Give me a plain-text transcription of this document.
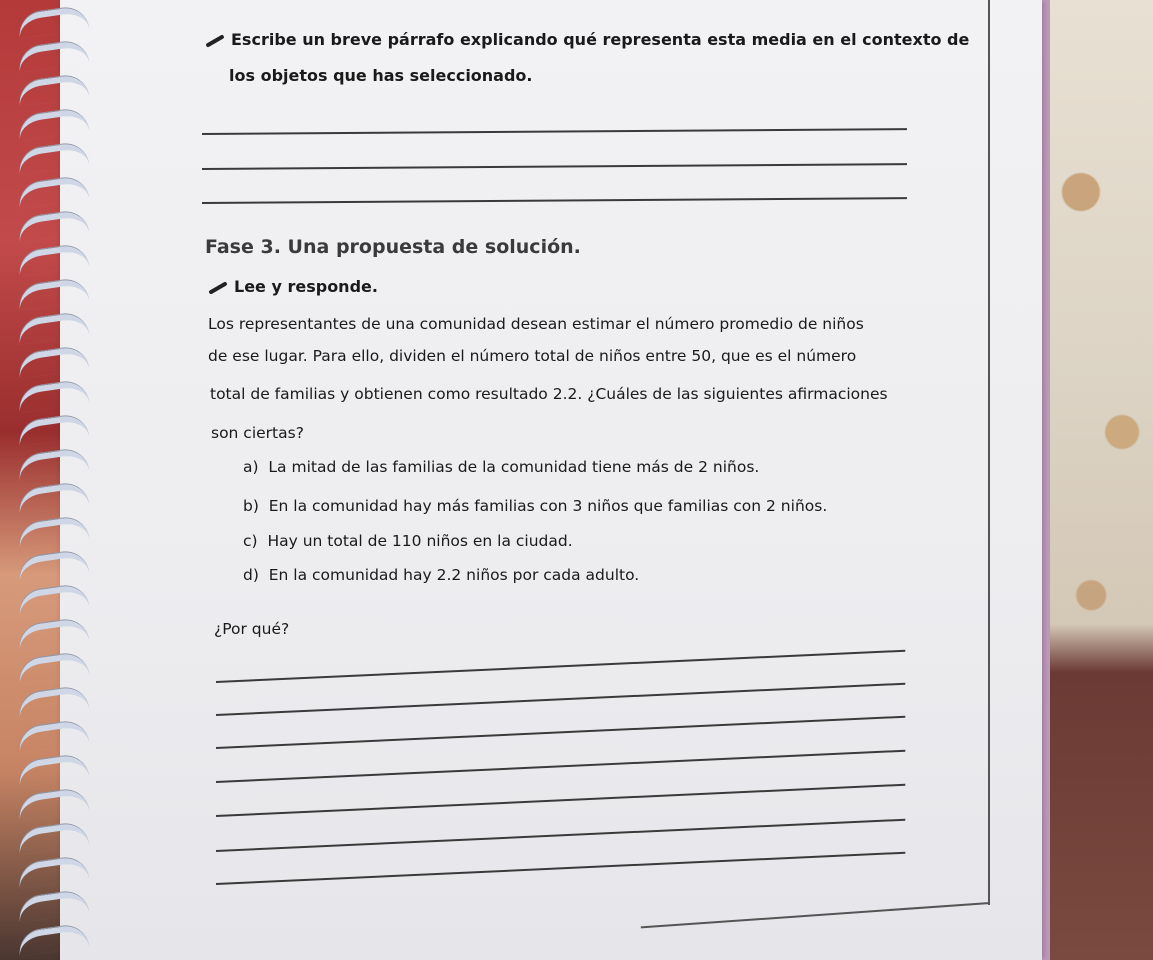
Escribe un breve párrafo explicando qué representa esta media en el contexto de
los objetos que has seleccionado.
Fase 3. Una propuesta de solución.
Lee y responde.
Los representantes de una comunidad desean estimar el número promedio de niños
de ese lugar. Para ello, dividen el número total de niños entre 50, que es el número
total de familias y obtienen como resultado 2.2. ¿Cuáles de las siguientes afirmaciones
son ciertas?
a) La mitad de las familias de la comunidad tiene más de 2 niños.
b) En la comunidad hay más familias con 3 niños que familias con 2 niños.
c) Hay un total de 110 niños en la ciudad.
d) En la comunidad hay 2.2 niños por cada adulto.
¿Por qué?
